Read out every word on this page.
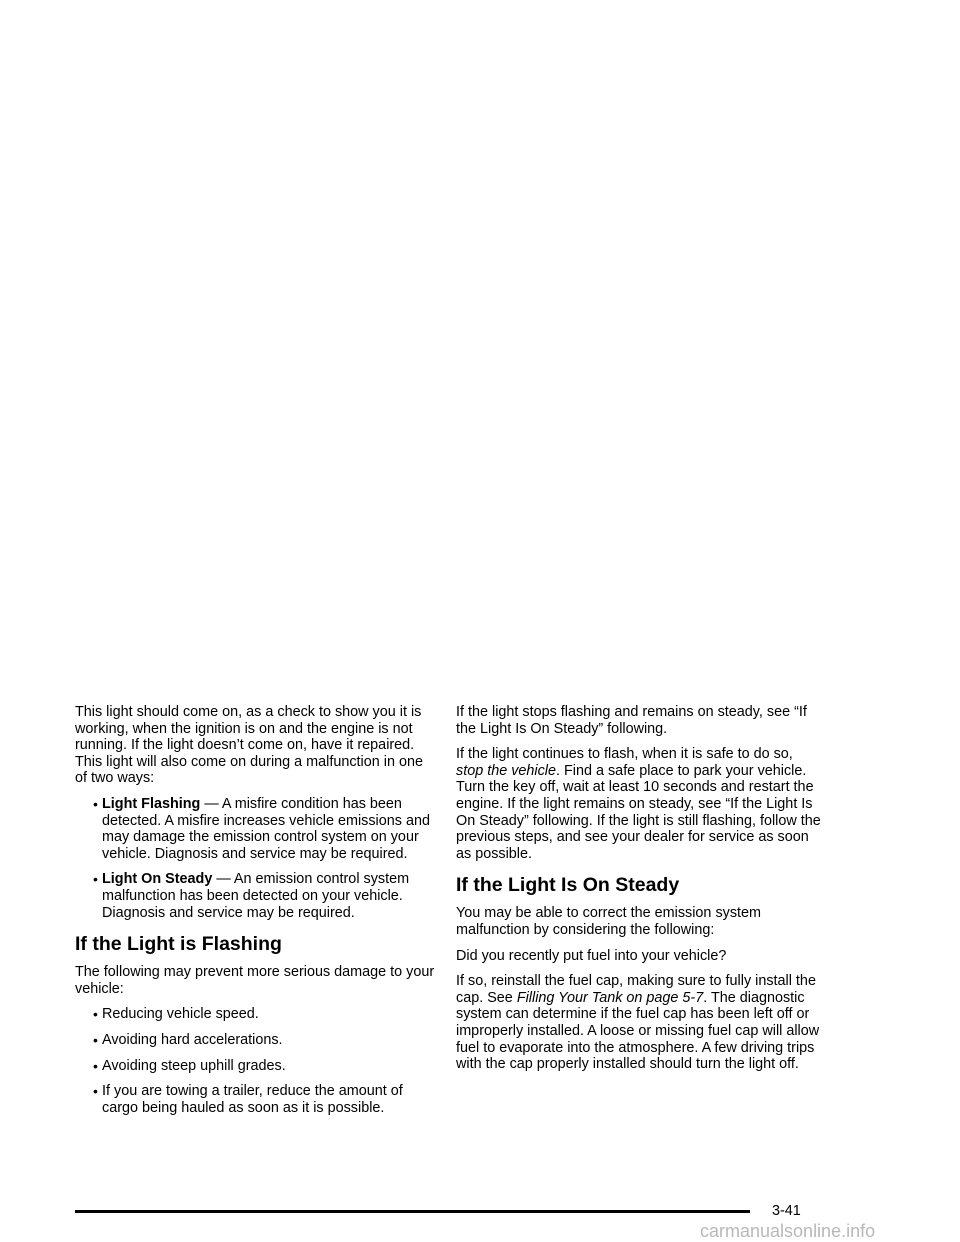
This light should come on, as a check to show you it is working, when the ignition is on and the engine is not running. If the light doesn’t come on, have it repaired. This light will also come on during a malfunction in one of two ways:

• Light Flashing — A misfire condition has been detected. A misfire increases vehicle emissions and may damage the emission control system on your vehicle. Diagnosis and service may be required.
• Light On Steady — An emission control system malfunction has been detected on your vehicle. Diagnosis and service may be required.
If the Light is Flashing

The following may prevent more serious damage to your vehicle:

• Reducing vehicle speed.
• Avoiding hard accelerations.
• Avoiding steep uphill grades.
• If you are towing a trailer, reduce the amount of cargo being hauled as soon as it is possible.

If the light stops flashing and remains on steady, see “If the Light Is On Steady” following.

If the light continues to flash, when it is safe to do so, stop the vehicle. Find a safe place to park your vehicle. Turn the key off, wait at least 10 seconds and restart the engine. If the light remains on steady, see “If the Light Is On Steady” following. If the light is still flashing, follow the previous steps, and see your dealer for service as soon as possible.

If the Light Is On Steady

You may be able to correct the emission system malfunction by considering the following:

Did you recently put fuel into your vehicle?

If so, reinstall the fuel cap, making sure to fully install the cap. See Filling Your Tank on page 5-7. The diagnostic system can determine if the fuel cap has been left off or improperly installed. A loose or missing fuel cap will allow fuel to evaporate into the atmosphere. A few driving trips with the cap properly installed should turn the light off.

3-41
carmanualsonline.info
